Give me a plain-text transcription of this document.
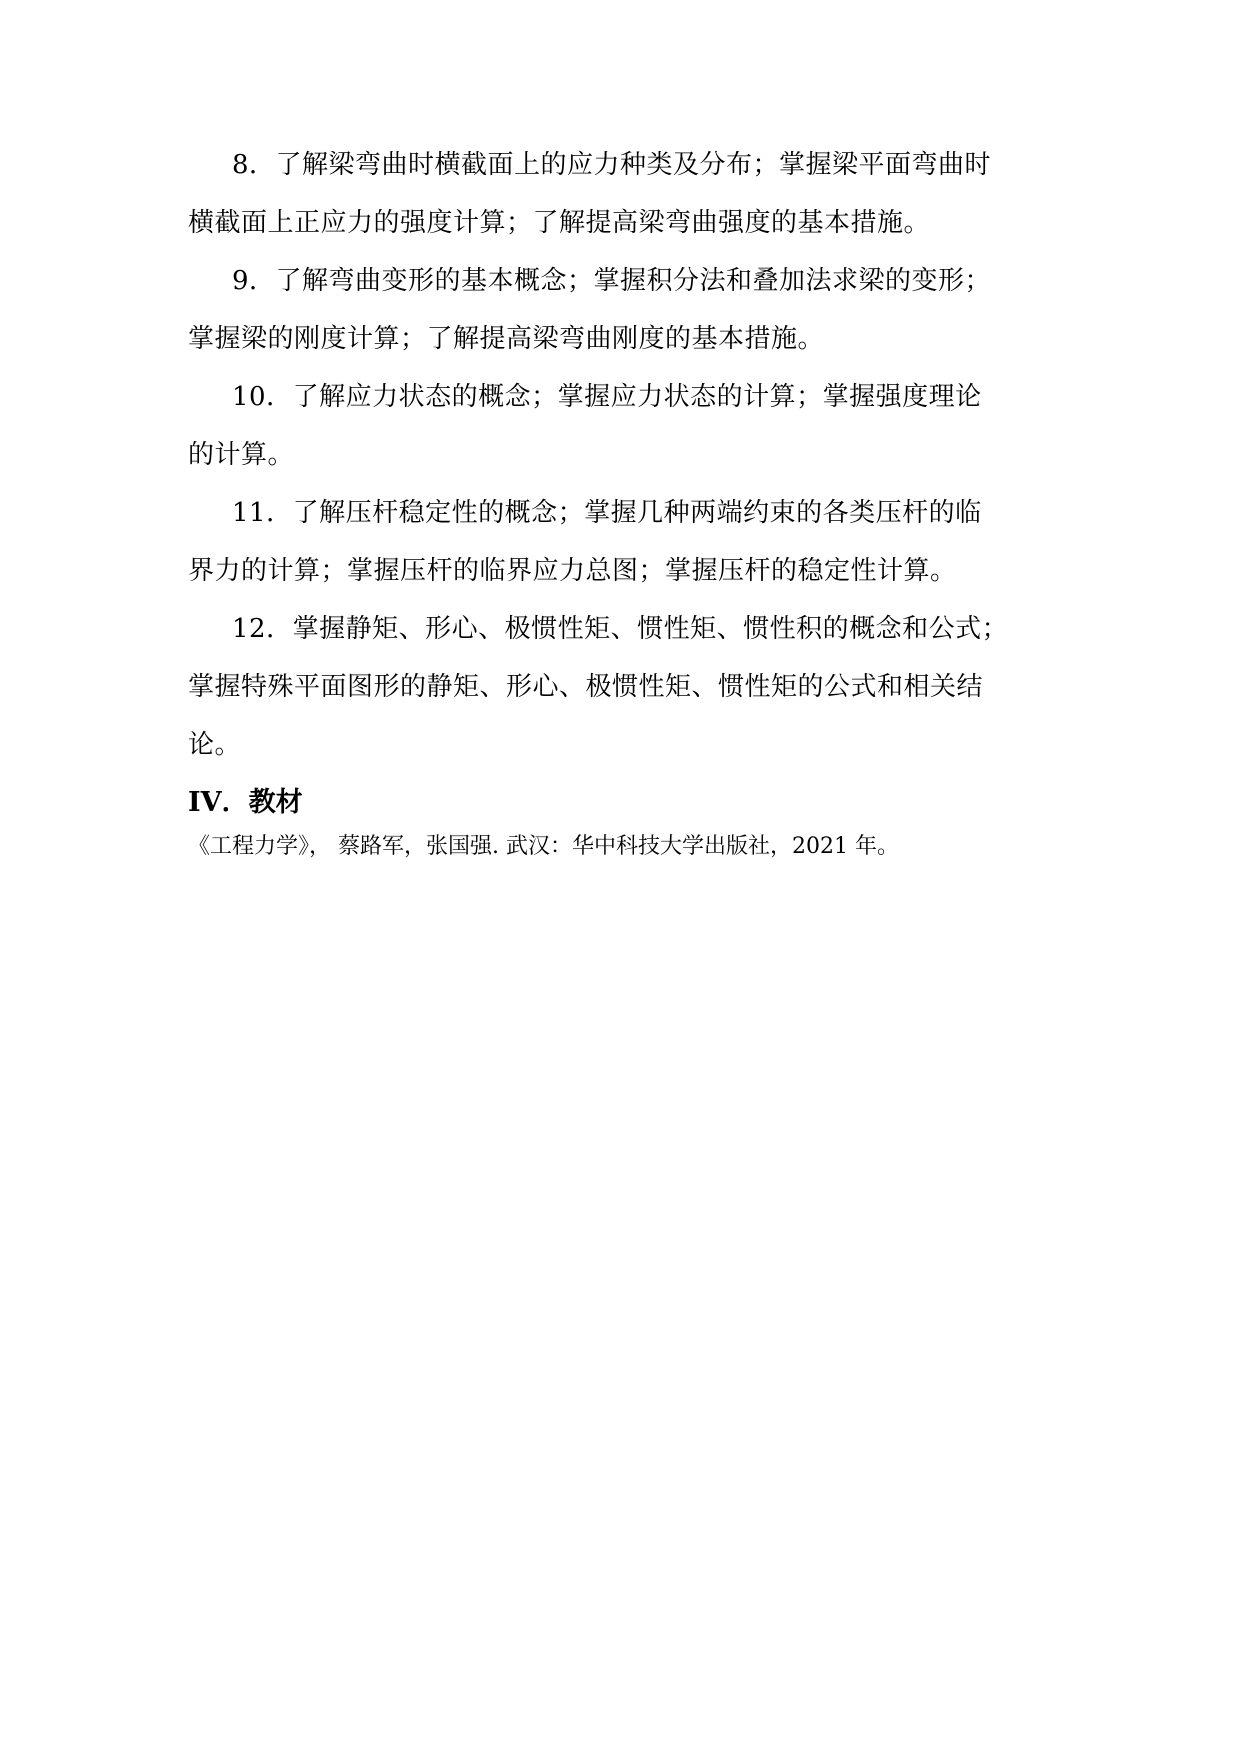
8．了解梁弯曲时横截面上的应力种类及分布；掌握梁平面弯曲时
横截面上正应力的强度计算；了解提高梁弯曲强度的基本措施。
9．了解弯曲变形的基本概念；掌握积分法和叠加法求梁的变形；
掌握梁的刚度计算；了解提高梁弯曲刚度的基本措施。
10．了解应力状态的概念；掌握应力状态的计算；掌握强度理论
的计算。
11．了解压杆稳定性的概念；掌握几种两端约束的各类压杆的临
界力的计算；掌握压杆的临界应力总图；掌握压杆的稳定性计算。
12．掌握静矩、形心、极惯性矩、惯性矩、惯性积的概念和公式；
掌握特殊平面图形的静矩、形心、极惯性矩、惯性矩的公式和相关结
论。
IV．教材
《工程力学》， 蔡路军，张国强. 武汉：华中科技大学出版社，2021 年。
